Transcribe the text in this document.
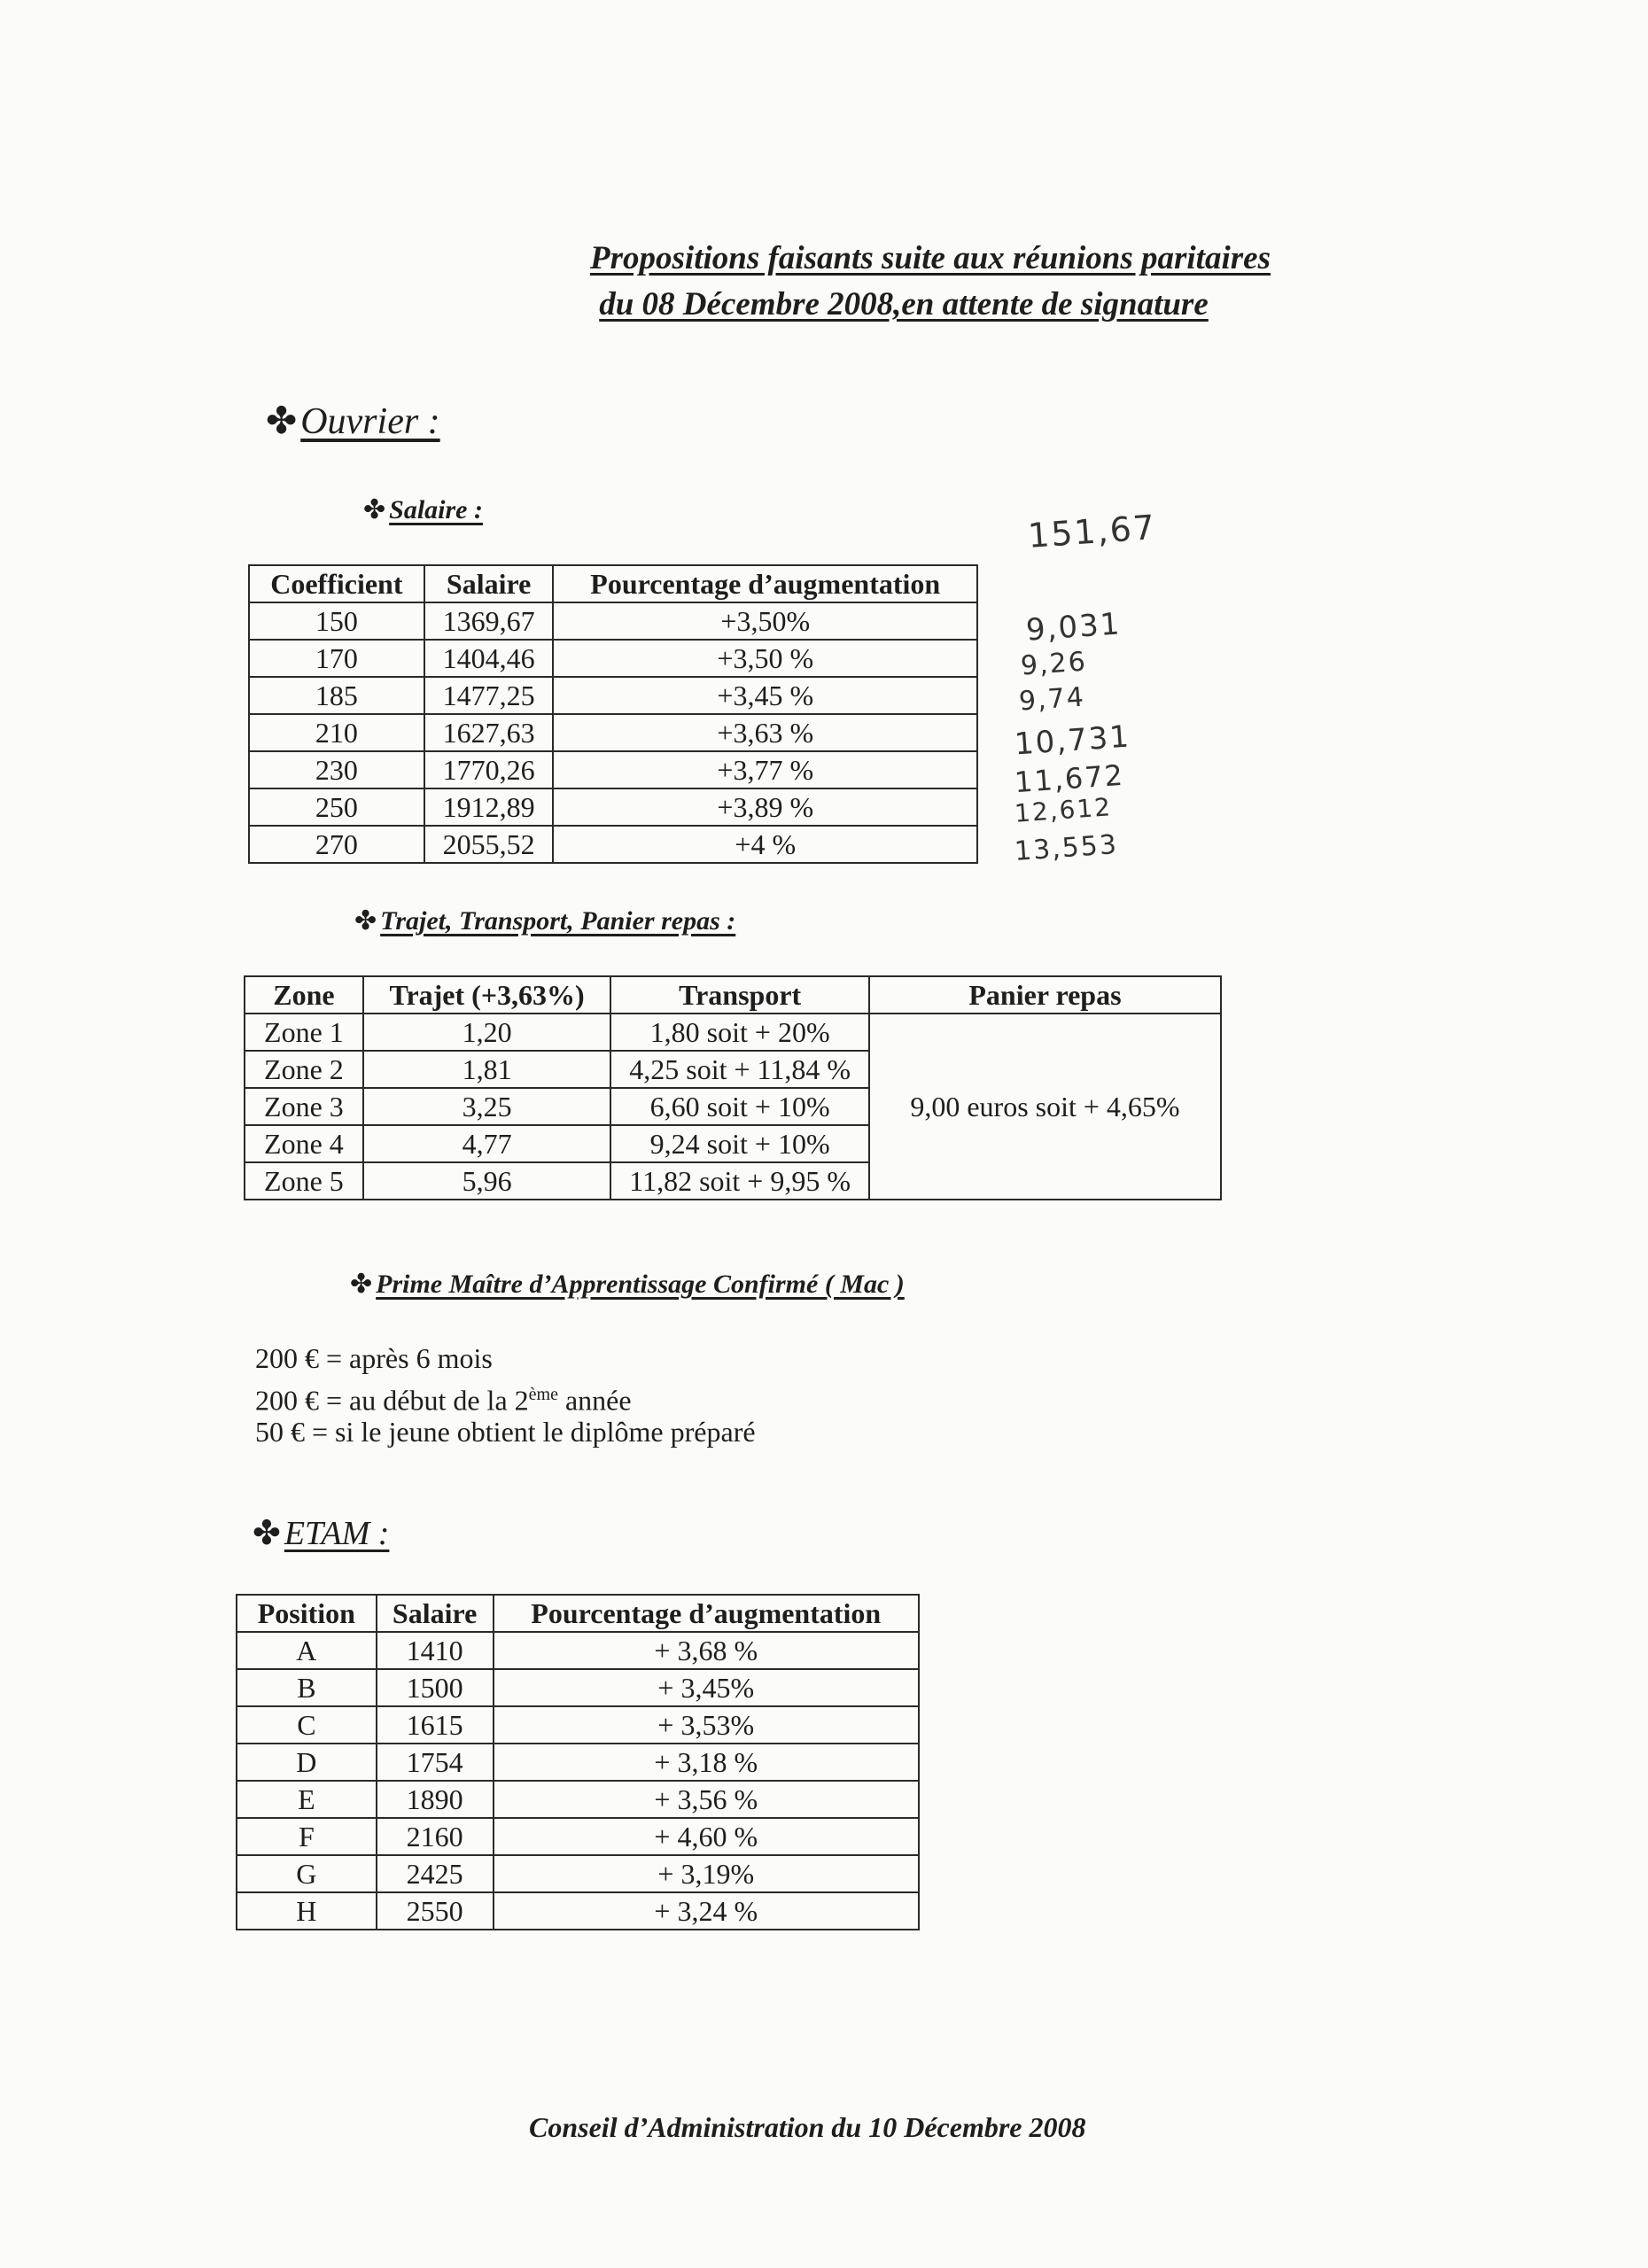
Propositions faisants suite aux réunions paritaires
du 08 Décembre 2008,en attente de signature
✤Ouvrier :
✤ Salaire :
Coefficient	Salaire	Pourcentage d’augmentation
150	1369,67	+3,50%
170	1404,46	+3,50 %
185	1477,25	+3,45 %
210	1627,63	+3,63 %
230	1770,26	+3,77 %
250	1912,89	+3,89 %
270	2055,52	+4 %
151,67
9,031
9,26
9,74
10,731
11,672
12,612
13,553
✤ Trajet, Transport, Panier repas :
Zone	Trajet (+3,63%)	Transport	Panier repas
Zone 1	1,20	1,80 soit + 20%	9,00 euros soit + 4,65%
Zone 2	1,81	4,25 soit + 11,84 %	
Zone 3	3,25	6,60 soit + 10%	
Zone 4	4,77	9,24 soit + 10%	
Zone 5	5,96	11,82 soit + 9,95 %	
✤ Prime Maître d’Apprentissage Confirmé ( Mac )
200 € = après 6 mois
200 € = au début de la 2ème année
50 € = si le jeune obtient le diplôme préparé
✤ ETAM :
Position	Salaire	Pourcentage d’augmentation
A	1410	+ 3,68 %
B	1500	+ 3,45%
C	1615	+ 3,53%
D	1754	+ 3,18 %
E	1890	+ 3,56 %
F	2160	+ 4,60 %
G	2425	+ 3,19%
H	2550	+ 3,24 %
Conseil d’Administration du 10 Décembre 2008
